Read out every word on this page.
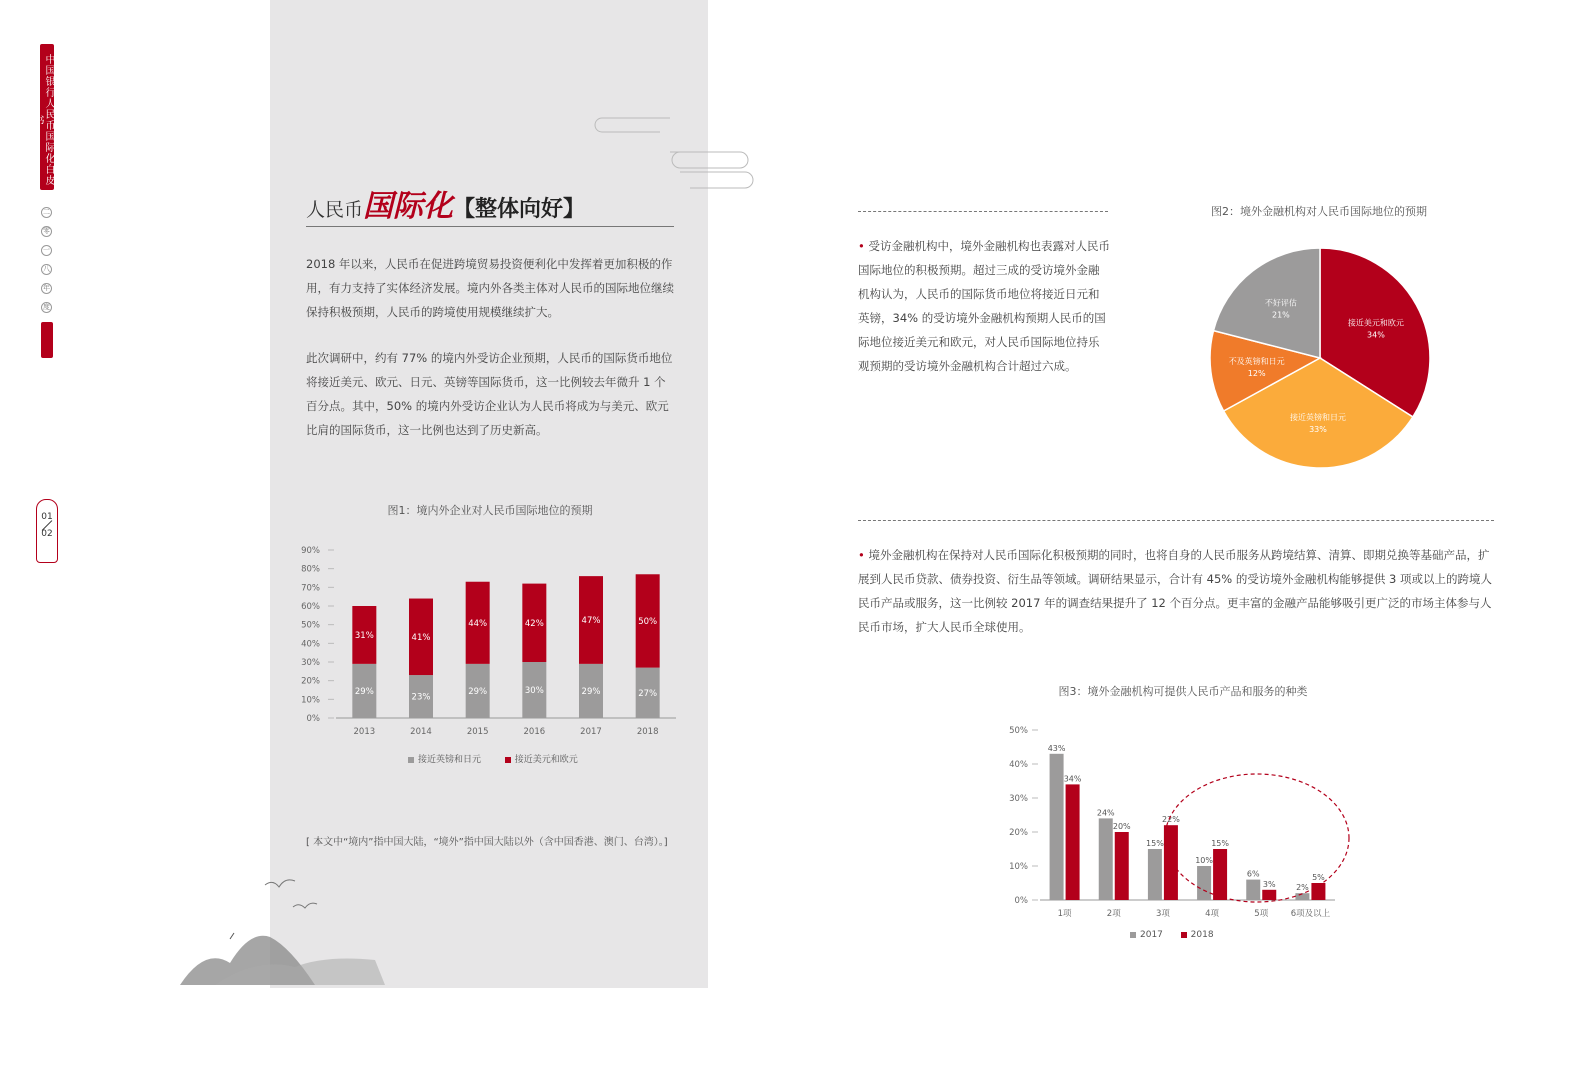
中国银行人民币国际化白皮书
二
零
一
八
年
度
01
02
人民币国际化【整体向好】
2018 年以来，人民币在促进跨境贸易投资便利化中发挥着更加积极的作用，有力支持了实体经济发展。境内外各类主体对人民币的国际地位继续保持积极预期，人民币的跨境使用规模继续扩大。
此次调研中，约有 77% 的境内外受访企业预期，人民币的国际货币地位将接近美元、欧元、日元、英镑等国际货币，这一比例较去年微升 1 个百分点。其中，50% 的境内外受访企业认为人民币将成为与美元、欧元比肩的国际货币，这一比例也达到了历史新高。
图1：境内外企业对人民币国际地位的预期
0%
10%
20%
30%
40%
50%
60%
70%
80%
90%
29%
31%
2013
23%
41%
2014
29%
44%
2015
30%
42%
2016
29%
47%
2017
27%
50%
2018
接近英镑和日元	接近美元和欧元
[ 本文中“境内”指中国大陆，“境外”指中国大陆以外（含中国香港、澳门、台湾）。]
• 受访金融机构中，境外金融机构也表露对人民币国际地位的积极预期。超过三成的受访境外金融机构认为，人民币的国际货币地位将接近日元和英镑，34% 的受访境外金融机构预期人民币的国际地位接近美元和欧元，对人民币国际地位持乐观预期的受访境外金融机构合计超过六成。
图2：境外金融机构对人民币国际地位的预期
接近美元和欧元
34%
接近英镑和日元
33%
不及英镑和日元
12%
不好评估
21%
• 境外金融机构在保持对人民币国际化积极预期的同时，也将自身的人民币服务从跨境结算、清算、即期兑换等基础产品，扩展到人民币贷款、债券投资、衍生品等领域。调研结果显示，合计有 45% 的受访境外金融机构能够提供 3 项或以上的跨境人民币产品或服务，这一比例较 2017 年的调查结果提升了 12 个百分点。更丰富的金融产品能够吸引更广泛的市场主体参与人民币市场，扩大人民币全球使用。
图3：境外金融机构可提供人民币产品和服务的种类
0%
10%
20%
30%
40%
50%
43%
34%
1项
24%
20%
2项
15%
22%
3项
10%
15%
4项
6%
3%
5项
2%
5%
6项及以上
2017	2018
